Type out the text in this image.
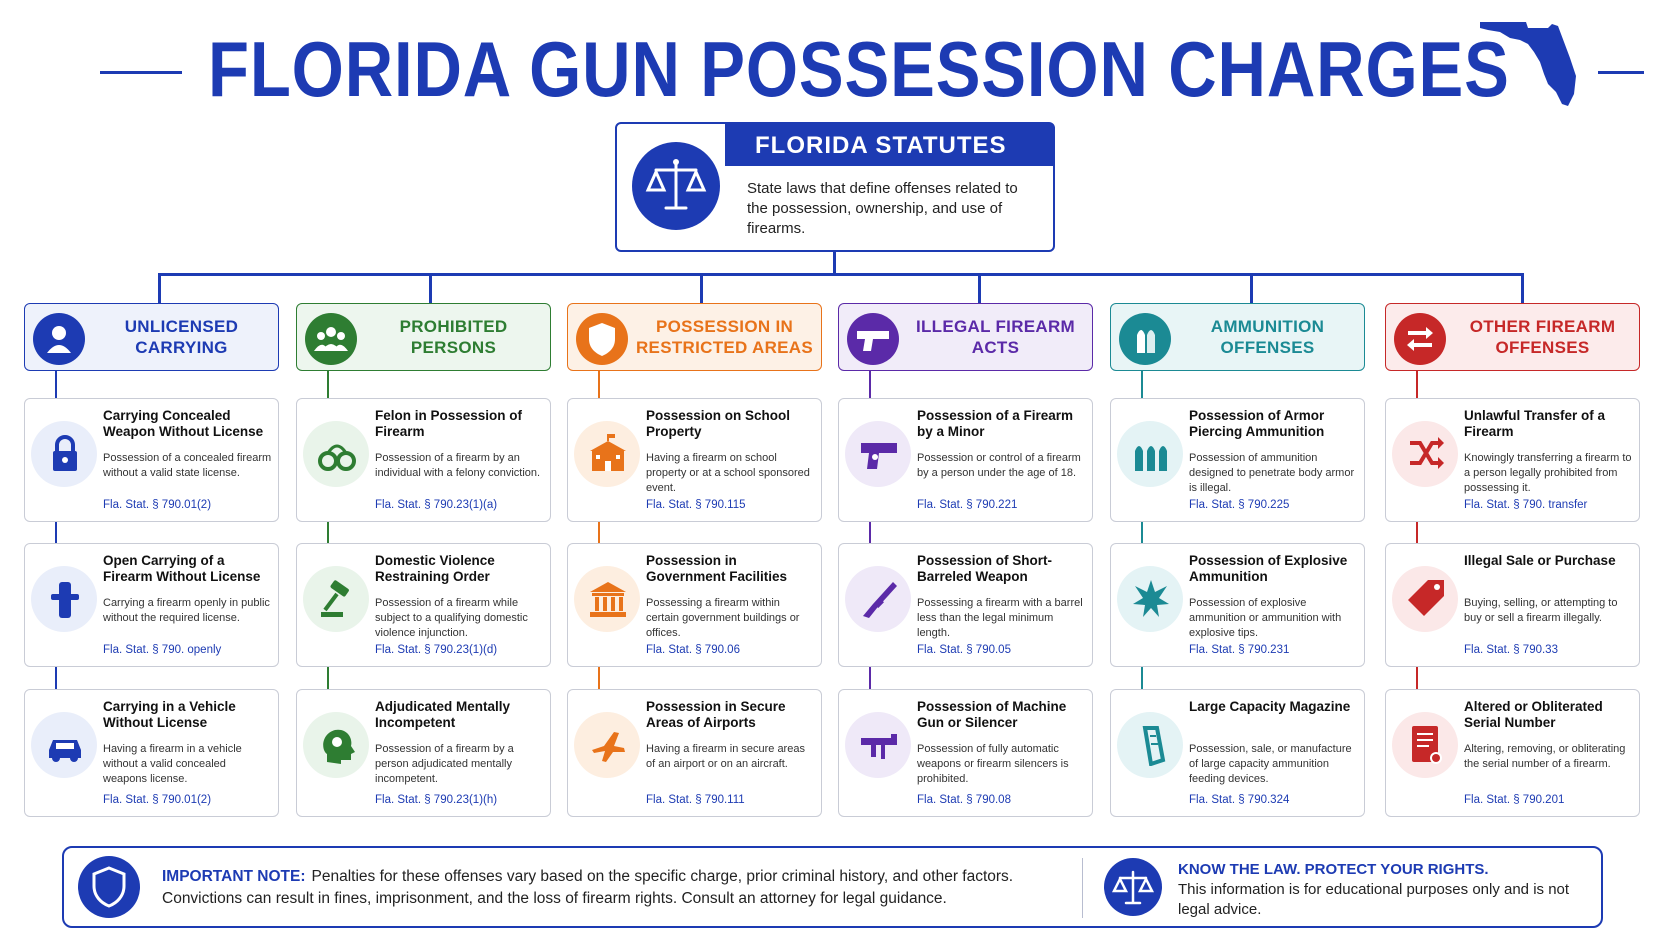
FLORIDA GUN POSSESSION CHARGES
FLORIDA STATUTES
State laws that define offenses related to the possession, ownership, and use of firearms.
UNLICENSED
CARRYING
Carrying Concealed Weapon Without License
Possession of a concealed firearm without a valid state license.
Fla. Stat. § 790.01(2)
Open Carrying of a Firearm Without License
Carrying a firearm openly in public without the required license.
Fla. Stat. § 790. openly
Carrying in a Vehicle Without License
Having a firearm in a vehicle without a valid concealed weapons license.
Fla. Stat. § 790.01(2)
PROHIBITED
PERSONS
Felon in Possession of Firearm
Possession of a firearm by an individual with a felony conviction.
Fla. Stat. § 790.23(1)(a)
Domestic Violence Restraining Order
Possession of a firearm while subject to a qualifying domestic violence injunction.
Fla. Stat. § 790.23(1)(d)
Adjudicated Mentally Incompetent
Possession of a firearm by a person adjudicated mentally incompetent.
Fla. Stat. § 790.23(1)(h)
POSSESSION IN
RESTRICTED AREAS
Possession on School Property
Having a firearm on school property or at a school sponsored event.
Fla. Stat. § 790.115
Possession in Government Facilities
Possessing a firearm within certain government buildings or offices.
Fla. Stat. § 790.06
Possession in Secure Areas of Airports
Having a firearm in secure areas of an airport or on an aircraft.
Fla. Stat. § 790.111
ILLEGAL FIREARM
ACTS
Possession of a Firearm by a Minor
Possession or control of a firearm by a person under the age of 18.
Fla. Stat. § 790.221
Possession of Short-Barreled Weapon
Possessing a firearm with a barrel less than the legal minimum length.
Fla. Stat. § 790.05
Possession of Machine Gun or Silencer
Possession of fully automatic weapons or firearm silencers is prohibited.
Fla. Stat. § 790.08
AMMUNITION
OFFENSES
Possession of Armor Piercing Ammunition
Possession of ammunition designed to penetrate body armor is illegal.
Fla. Stat. § 790.225
Possession of Explosive Ammunition
Possession of explosive ammunition or ammunition with explosive tips.
Fla. Stat. § 790.231
Large Capacity Magazine
Possession, sale, or manufacture of large capacity ammunition feeding devices.
Fla. Stat. § 790.324
OTHER FIREARM
OFFENSES
Unlawful Transfer of a Firearm
Knowingly transferring a firearm to a person legally prohibited from possessing it.
Fla. Stat. § 790. transfer
Illegal Sale or Purchase
Buying, selling, or attempting to buy or sell a firearm illegally.
Fla. Stat. § 790.33
Altered or Obliterated Serial Number
Altering, removing, or obliterating the serial number of a firearm.
Fla. Stat. § 790.201
IMPORTANT NOTE: Penalties for these offenses vary based on the specific charge, prior criminal history, and other factors. Convictions can result in fines, imprisonment, and the loss of firearm rights. Consult an attorney for legal guidance.
KNOW THE LAW. PROTECT YOUR RIGHTS.
This information is for educational purposes only and is not legal advice.
